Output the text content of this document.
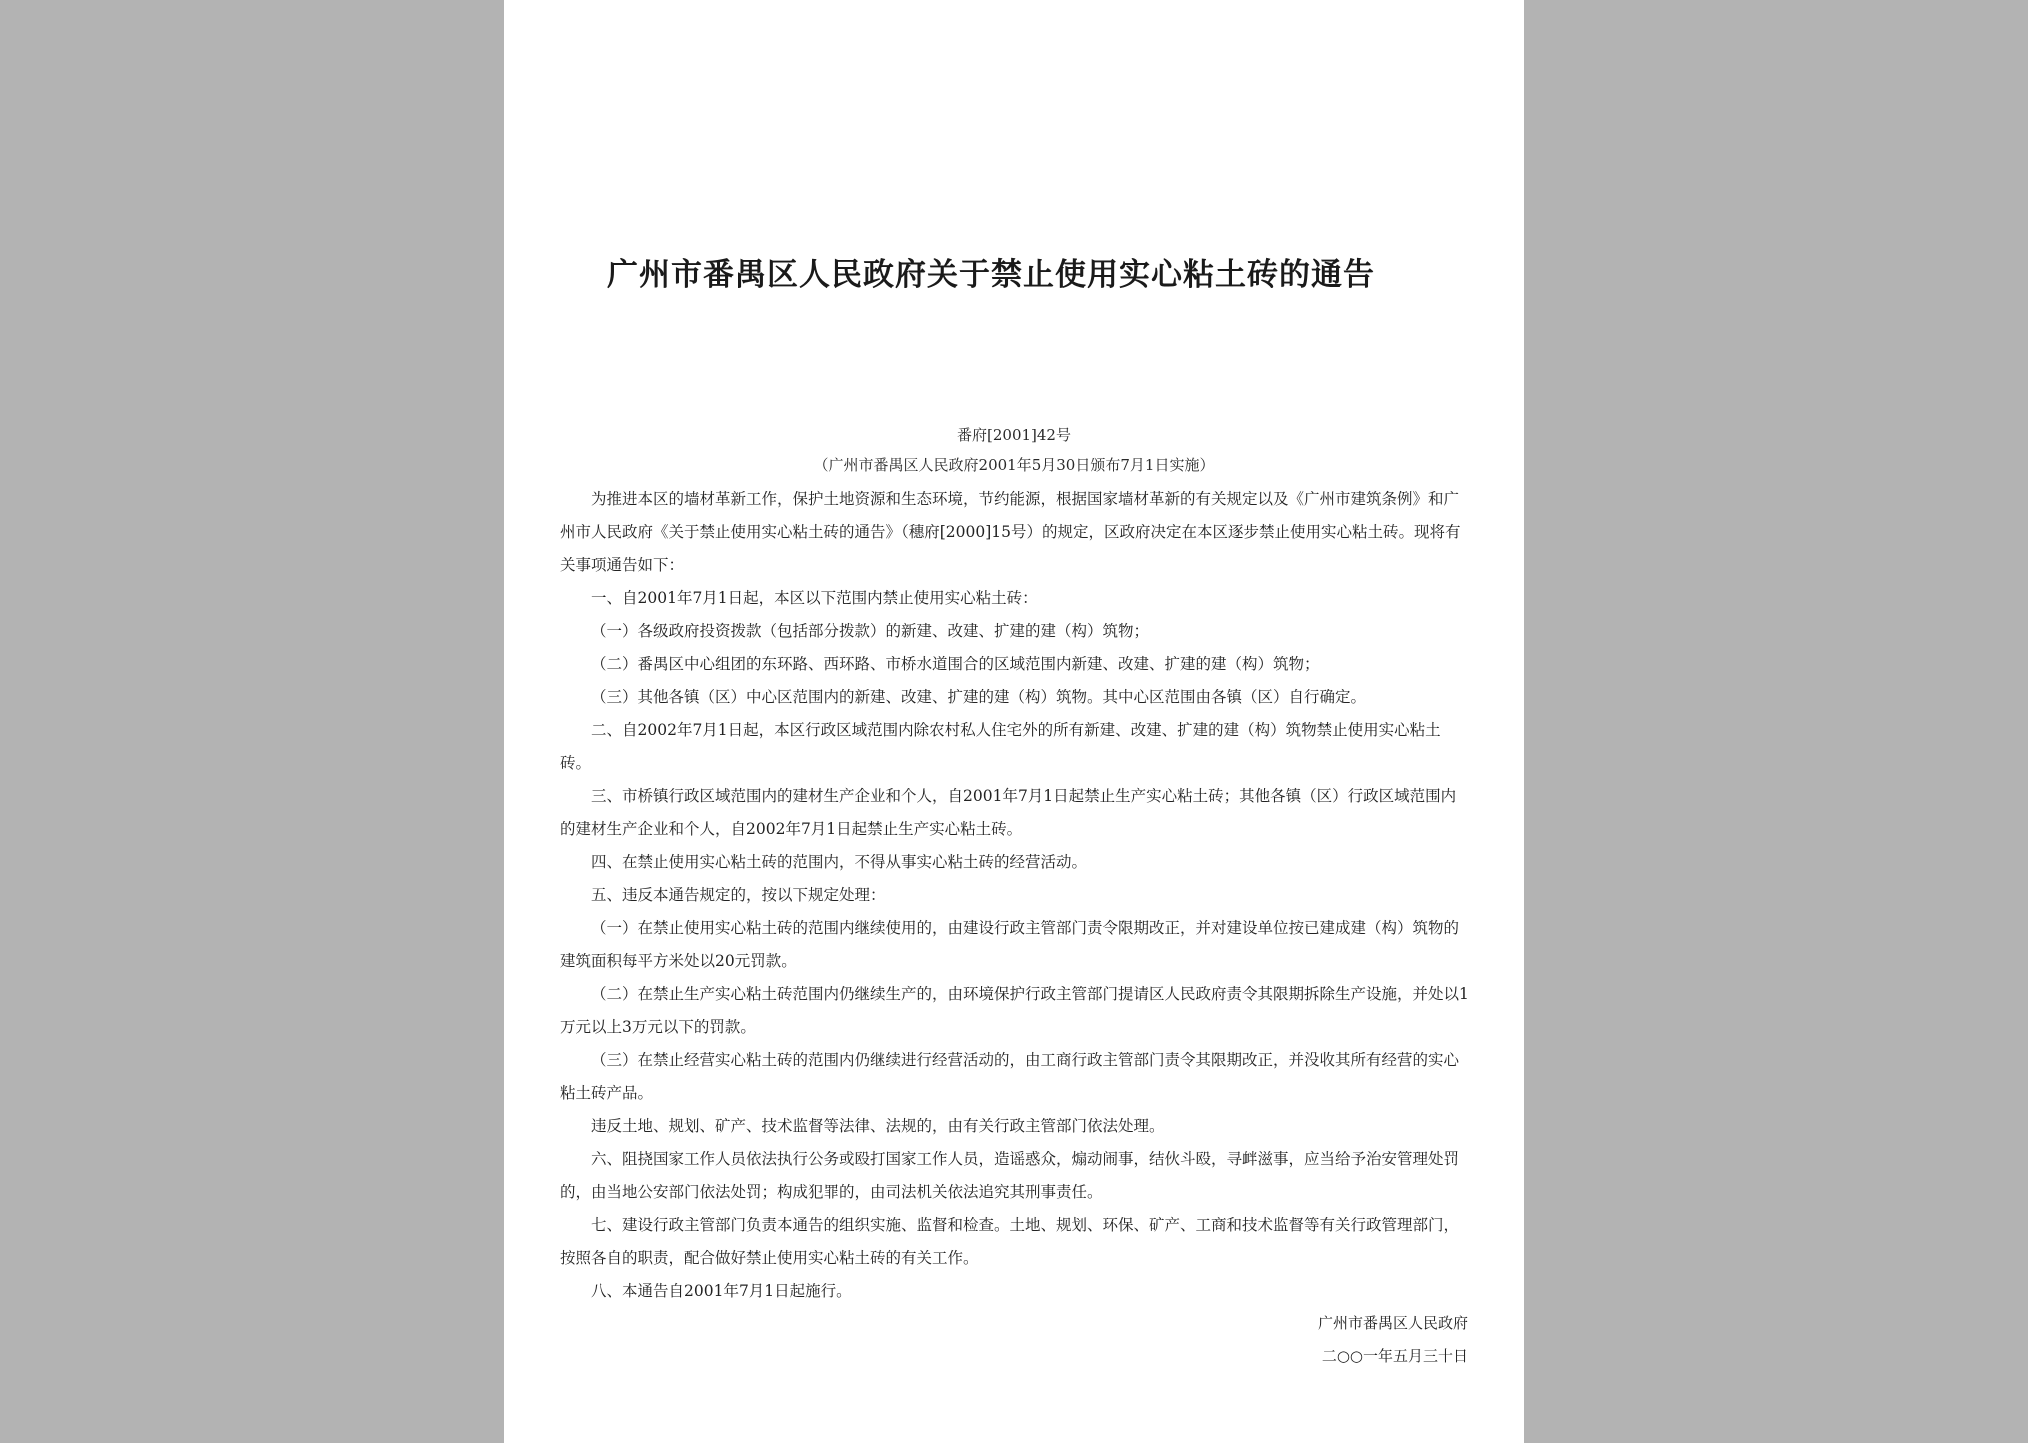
广州市番禺区人民政府关于禁止使用实心粘土砖的通告
番府[2001]42号
（广州市番禺区人民政府2001年5月30日颁布7月1日实施）

为推进本区的墙材革新工作，保护土地资源和生态环境，节约能源，根据国家墙材革新的有关规定以及《广州市建筑条例》和广州市人民政府《关于禁止使用实心粘土砖的通告》（穗府[2000]15号）的规定，区政府决定在本区逐步禁止使用实心粘土砖。现将有关事项通告如下：

一、自2001年7月1日起，本区以下范围内禁止使用实心粘土砖：

（一）各级政府投资拨款（包括部分拨款）的新建、改建、扩建的建（构）筑物；

（二）番禺区中心组团的东环路、西环路、市桥水道围合的区域范围内新建、改建、扩建的建（构）筑物；

（三）其他各镇（区）中心区范围内的新建、改建、扩建的建（构）筑物。其中心区范围由各镇（区）自行确定。

二、自2002年7月1日起，本区行政区域范围内除农村私人住宅外的所有新建、改建、扩建的建（构）筑物禁止使用实心粘土砖。

三、市桥镇行政区域范围内的建材生产企业和个人，自2001年7月1日起禁止生产实心粘土砖；其他各镇（区）行政区域范围内的建材生产企业和个人，自2002年7月1日起禁止生产实心粘土砖。

四、在禁止使用实心粘土砖的范围内，不得从事实心粘土砖的经营活动。

五、违反本通告规定的，按以下规定处理：

（一）在禁止使用实心粘土砖的范围内继续使用的，由建设行政主管部门责令限期改正，并对建设单位按已建成建（构）筑物的建筑面积每平方米处以20元罚款。

（二）在禁止生产实心粘土砖范围内仍继续生产的，由环境保护行政主管部门提请区人民政府责令其限期拆除生产设施，并处以1万元以上3万元以下的罚款。

（三）在禁止经营实心粘土砖的范围内仍继续进行经营活动的，由工商行政主管部门责令其限期改正，并没收其所有经营的实心粘土砖产品。

违反土地、规划、矿产、技术监督等法律、法规的，由有关行政主管部门依法处理。

六、阻挠国家工作人员依法执行公务或殴打国家工作人员，造谣惑众，煽动闹事，结伙斗殴，寻衅滋事，应当给予治安管理处罚的，由当地公安部门依法处罚；构成犯罪的，由司法机关依法追究其刑事责任。

七、建设行政主管部门负责本通告的组织实施、监督和检查。土地、规划、环保、矿产、工商和技术监督等有关行政管理部门，按照各自的职责，配合做好禁止使用实心粘土砖的有关工作。

八、本通告自2001年7月1日起施行。

广州市番禺区人民政府
二○○一年五月三十日
